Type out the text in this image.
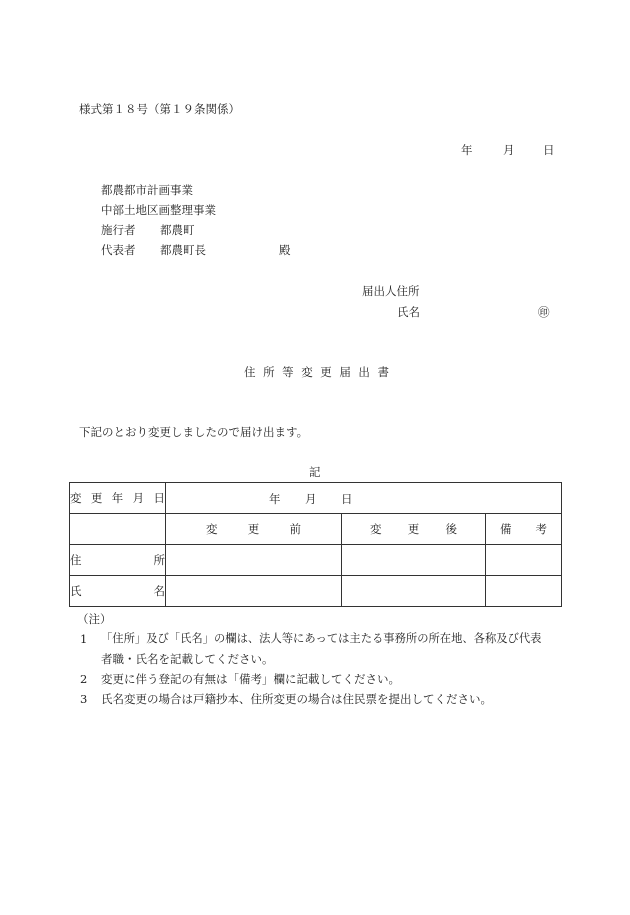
様式第１８号（第１９条関係）
年	月 日
都農都市計画事業
中部土地区画整理事業
施行者 都農町
代表者 都農町長	殿
届出人住所
氏名	㊞
住 所 等 変 更 届 出 書
下記のとおり変更しましたので届け出ます。
記
変 更 年 月 日	年 月 日		

	変 更 前	変 更 後	備 考

住 所			

氏 名			

（注）
1 「住所」及び「氏名」の欄は、法人等にあっては主たる事務所の所在地、各称及び代表
者職・氏名を記載してください。
2 変更に伴う登記の有無は「備考」欄に記載してください。
3 氏名変更の場合は戸籍抄本、住所変更の場合は住民票を提出してください。
